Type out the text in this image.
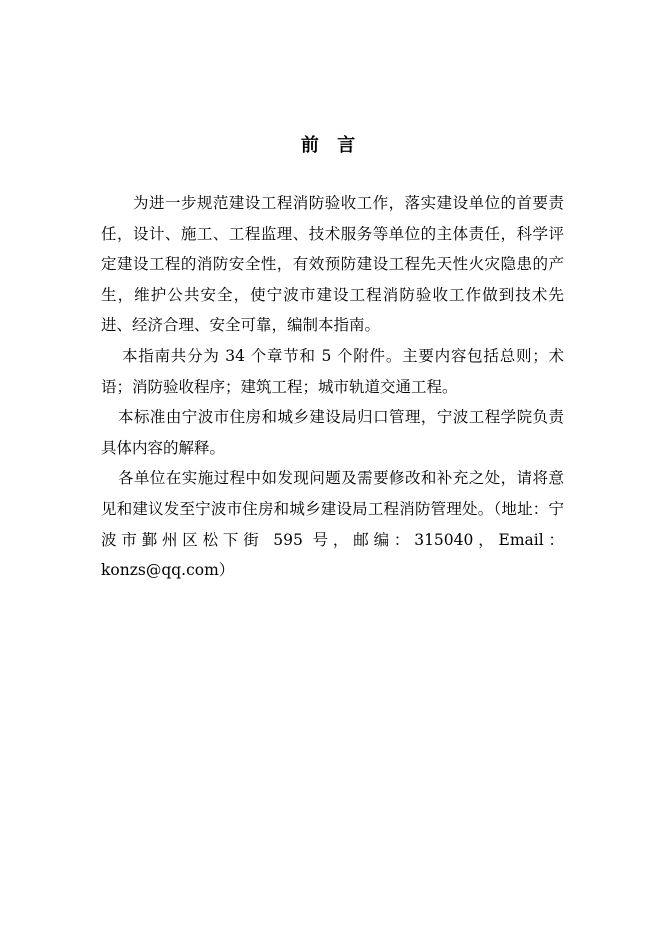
前 言

为进一步规范建设工程消防验收工作，落实建设单位的首要责任，设计、施工、工程监理、技术服务等单位的主体责任，科学评定建设工程的消防安全性，有效预防建设工程先天性火灾隐患的产生，维护公共安全，使宁波市建设工程消防验收工作做到技术先进、经济合理、安全可靠，编制本指南。

本指南共分为 34 个章节和 5 个附件。主要内容包括总则；术语；消防验收程序；建筑工程；城市轨道交通工程。

本标准由宁波市住房和城乡建设局归口管理，宁波工程学院负责具体内容的解释。

各单位在实施过程中如发现问题及需要修改和补充之处，请将意见和建议发至宁波市住房和城乡建设局工程消防管理处。（地址：宁波市鄞州区松下街 595 号，邮编：315040，Email：konzs@qq.com）
